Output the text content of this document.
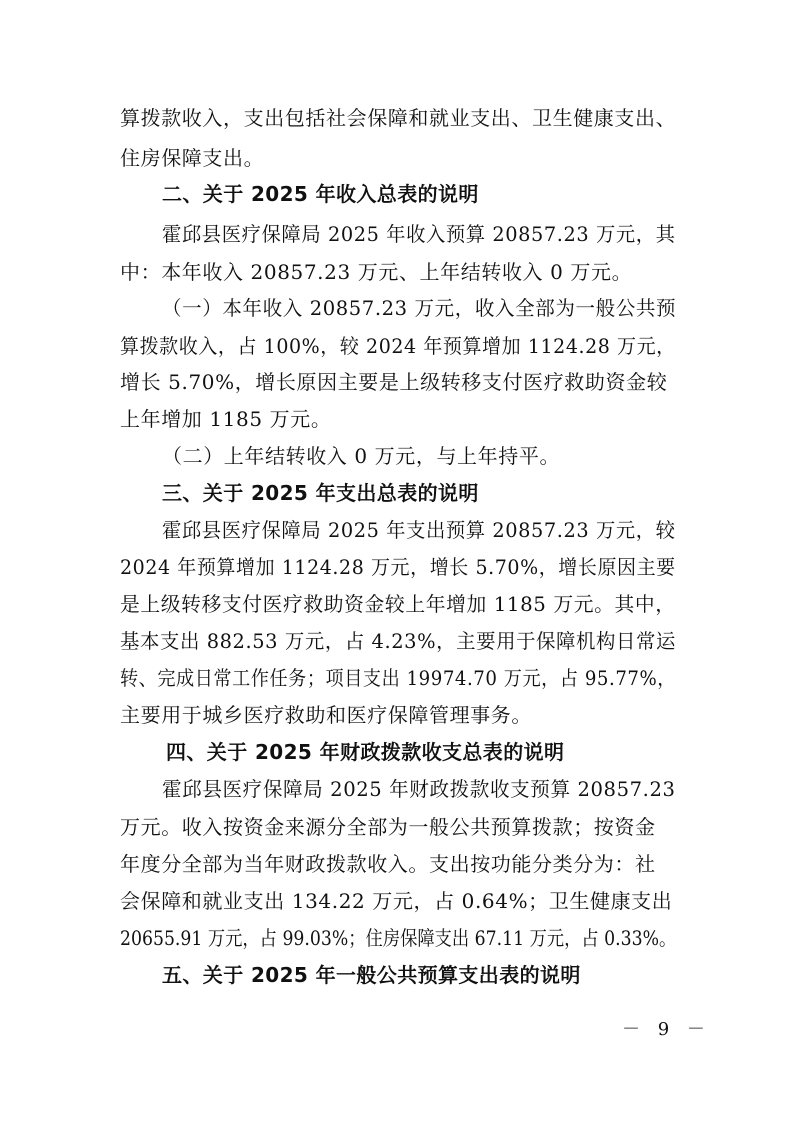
算拨款收入，支出包括社会保障和就业支出、卫生健康支出、
住房保障支出。
二、关于 2025 年收入总表的说明
霍邱县医疗保障局 2025 年收入预算 20857.23 万元，其
中：本年收入 20857.23 万元、上年结转收入 0 万元。
（一）本年收入 20857.23 万元，收入全部为一般公共预
算拨款收入，占 100%，较 2024 年预算增加 1124.28 万元，
增长 5.70%，增长原因主要是上级转移支付医疗救助资金较
上年增加 1185 万元。
（二）上年结转收入 0 万元，与上年持平。
三、关于 2025 年支出总表的说明
霍邱县医疗保障局 2025 年支出预算 20857.23 万元，较
2024 年预算增加 1124.28 万元，增长 5.70%，增长原因主要
是上级转移支付医疗救助资金较上年增加 1185 万元。其中，
基本支出 882.53 万元，占 4.23%，主要用于保障机构日常运
转、完成日常工作任务；项目支出 19974.70 万元，占 95.77%，
主要用于城乡医疗救助和医疗保障管理事务。
四、关于 2025 年财政拨款收支总表的说明
霍邱县医疗保障局 2025 年财政拨款收支预算 20857.23
万元。收入按资金来源分全部为一般公共预算拨款；按资金
年度分全部为当年财政拨款收入。支出按功能分类分为：社
会保障和就业支出 134.22 万元，占 0.64%；卫生健康支出
20655.91 万元，占 99.03%；住房保障支出 67.11 万元，占 0.33%。
五、关于 2025 年一般公共预算支出表的说明
－ 9 －
